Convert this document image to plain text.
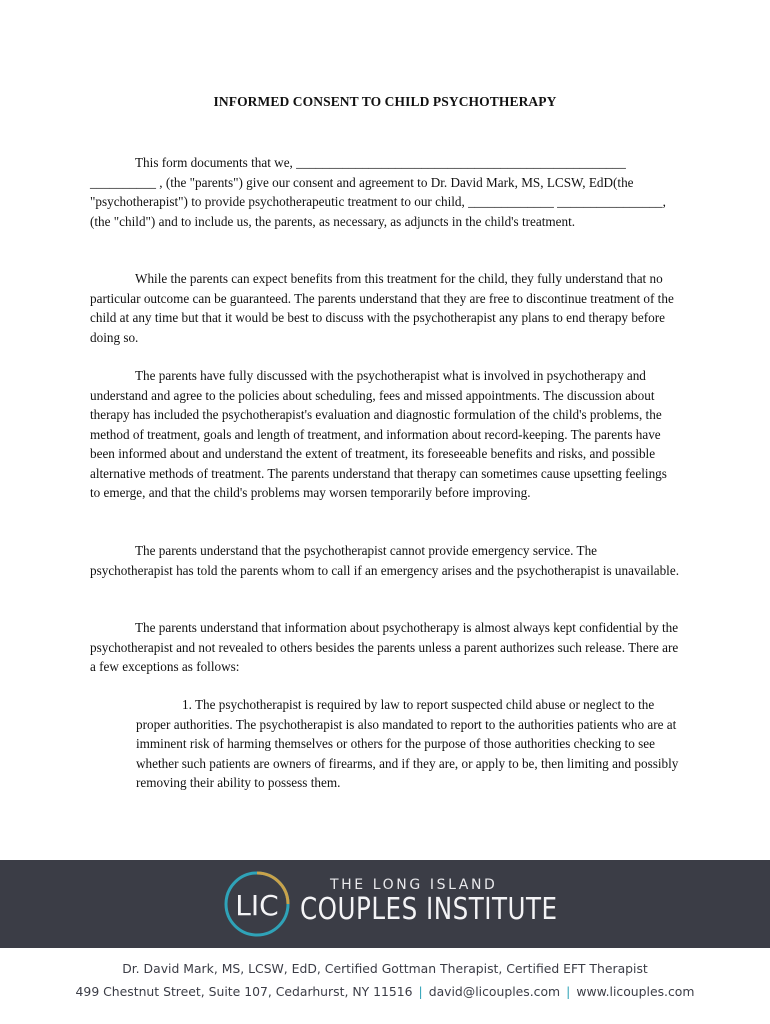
INFORMED CONSENT TO CHILD PSYCHOTHERAPY

This form documents that we, __________________________________________________ __________ , (the "parents") give our consent and agreement to Dr. David Mark, MS, LCSW, EdD(the "psychotherapist") to provide psychotherapeutic treatment to our child, _____________ ________________, (the "child") and to include us, the parents, as necessary, as adjuncts in the child's treatment.

While the parents can expect benefits from this treatment for the child, they fully understand that no particular outcome can be guaranteed. The parents understand that they are free to discontinue treatment of the child at any time but that it would be best to discuss with the psychotherapist any plans to end therapy before doing so.

The parents have fully discussed with the psychotherapist what is involved in psychotherapy and understand and agree to the policies about scheduling, fees and missed appointments. The discussion about therapy has included the psychotherapist's evaluation and diagnostic formulation of the child's problems, the method of treatment, goals and length of treatment, and information about record-keeping. The parents have been informed about and understand the extent of treatment, its foreseeable benefits and risks, and possible alternative methods of treatment. The parents understand that therapy can sometimes cause upsetting feelings to emerge, and that the child's problems may worsen temporarily before improving.

The parents understand that the psychotherapist cannot provide emergency service. The psychotherapist has told the parents whom to call if an emergency arises and the psychotherapist is unavailable.

The parents understand that information about psychotherapy is almost always kept confidential by the psychotherapist and not revealed to others besides the parents unless a parent authorizes such release. There are a few exceptions as follows:

1. The psychotherapist is required by law to report suspected child abuse or neglect to the proper authorities. The psychotherapist is also mandated to report to the authorities patients who are at imminent risk of harming themselves or others for the purpose of those authorities checking to see whether such patients are owners of firearms, and if they are, or apply to be, then limiting and possibly removing their ability to possess them.

LIC
THE LONG ISLAND
COUPLES INSTITUTE
Dr. David Mark, MS, LCSW, EdD, Certified Gottman Therapist, Certified EFT Therapist
499 Chestnut Street, Suite 107, Cedarhurst, NY 11516 | david@licouples.com | www.licouples.com
